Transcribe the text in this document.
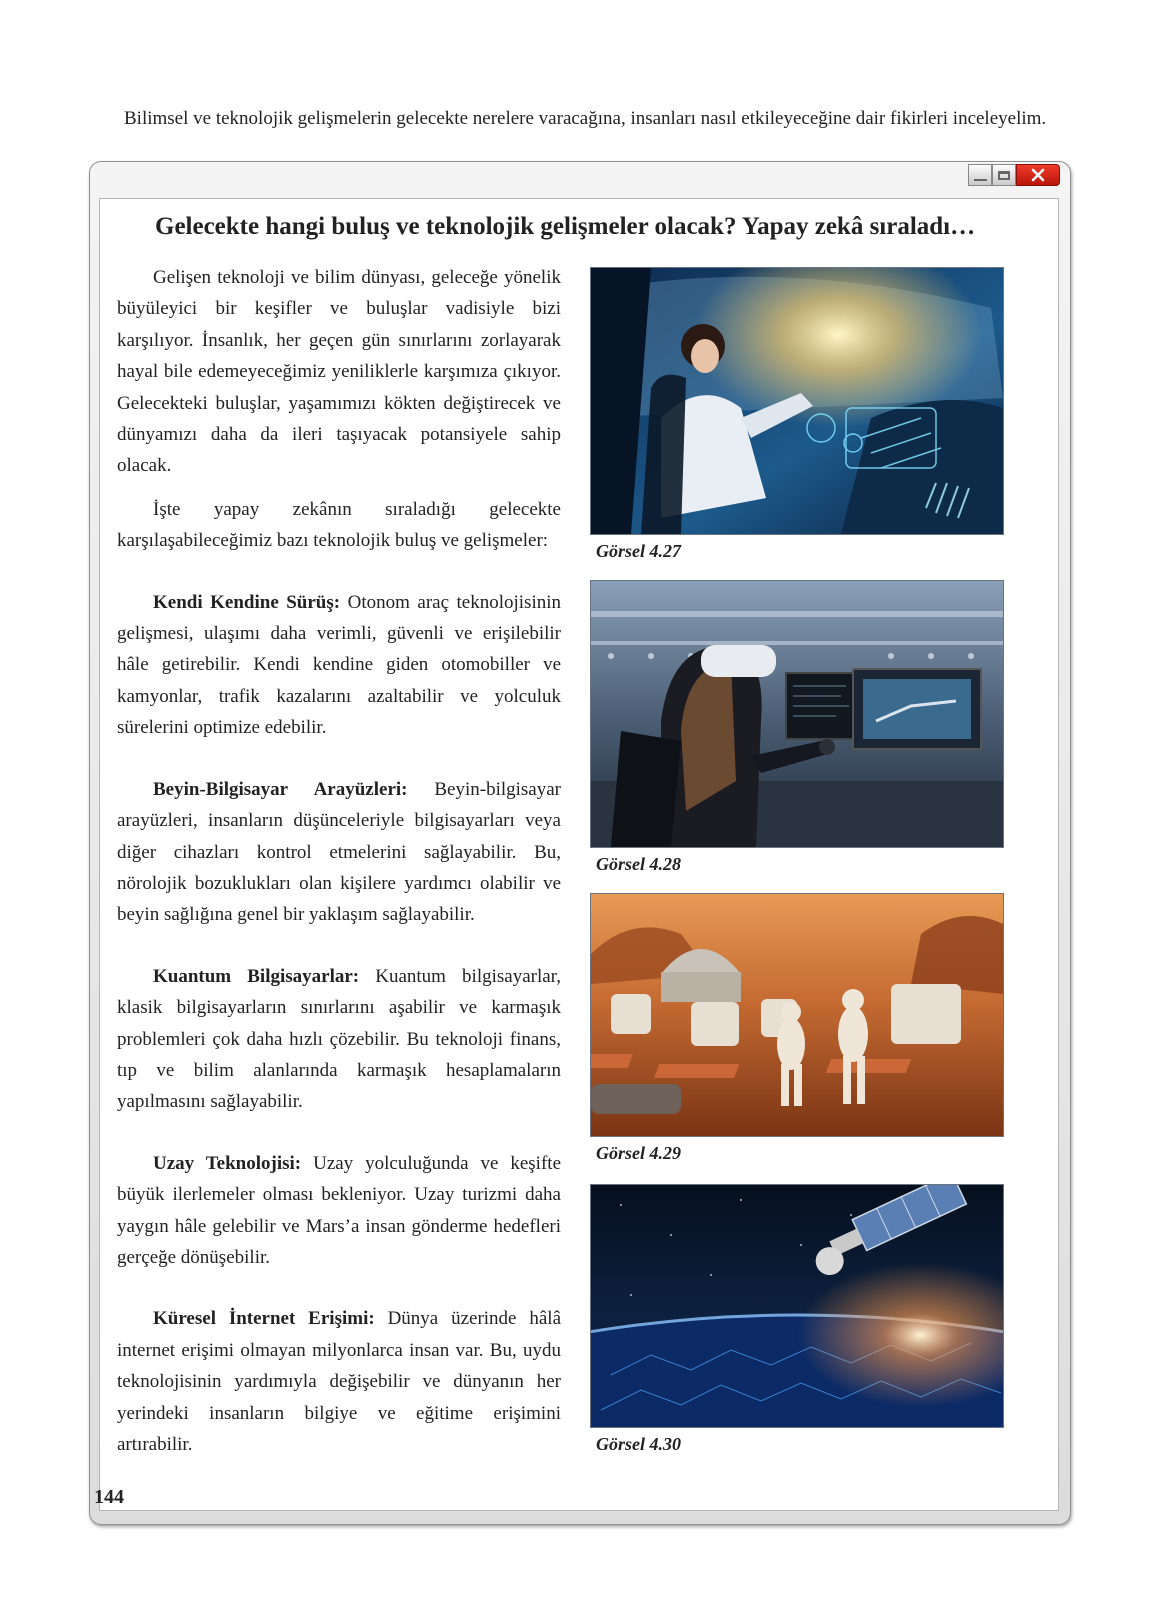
Bilimsel ve teknolojik gelişmelerin gelecekte nerelere varacağına, insanları nasıl etkileyeceğine dair fikirleri inceleyelim.

Gelecekte hangi buluş ve teknolojik gelişmeler olacak? Yapay zekâ sıraladı…

Gelişen teknoloji ve bilim dünyası, geleceğe yönelik büyüleyici bir keşifler ve buluşlar vadisiyle bizi karşılıyor. İnsanlık, her geçen gün sınırlarını zorlayarak hayal bile edemeyeceğimiz yeniliklerle karşımıza çıkıyor. Gelecekteki buluşlar, yaşamımızı kökten değiştirecek ve dünyamızı daha da ileri taşıyacak potansiyele sahip olacak.

İşte yapay zekânın sıraladığı gelecekte karşılaşabileceğimiz bazı teknolojik buluş ve gelişmeler:

Kendi Kendine Sürüş: Otonom araç teknolojisinin gelişmesi, ulaşımı daha verimli, güvenli ve erişilebilir hâle getirebilir. Kendi kendine giden otomobiller ve kamyonlar, trafik kazalarını azaltabilir ve yolculuk sürelerini optimize edebilir.

Beyin-Bilgisayar Arayüzleri: Beyin-bilgisayar arayüzleri, insanların düşünceleriyle bilgisayarları veya diğer cihazları kontrol etmelerini sağlayabilir. Bu, nörolojik bozuklukları olan kişilere yardımcı olabilir ve beyin sağlığına genel bir yaklaşım sağlayabilir.

Kuantum Bilgisayarlar: Kuantum bilgisayarlar, klasik bilgisayarların sınırlarını aşabilir ve karmaşık problemleri çok daha hızlı çözebilir. Bu teknoloji finans, tıp ve bilim alanlarında karmaşık hesaplamaların yapılmasını sağlayabilir.

Uzay Teknolojisi: Uzay yolculuğunda ve keşifte büyük ilerlemeler olması bekleniyor. Uzay turizmi daha yaygın hâle gelebilir ve Mars’a insan gönderme hedefleri gerçeğe dönüşebilir.

Küresel İnternet Erişimi: Dünya üzerinde hâlâ internet erişimi olmayan milyonlarca insan var. Bu, uydu teknolojisinin yardımıyla değişebilir ve dünyanın her yerindeki insanların bilgiye ve eğitime erişimini artırabilir.

Görsel 4.27
Görsel 4.28
Görsel 4.29
Görsel 4.30
144
